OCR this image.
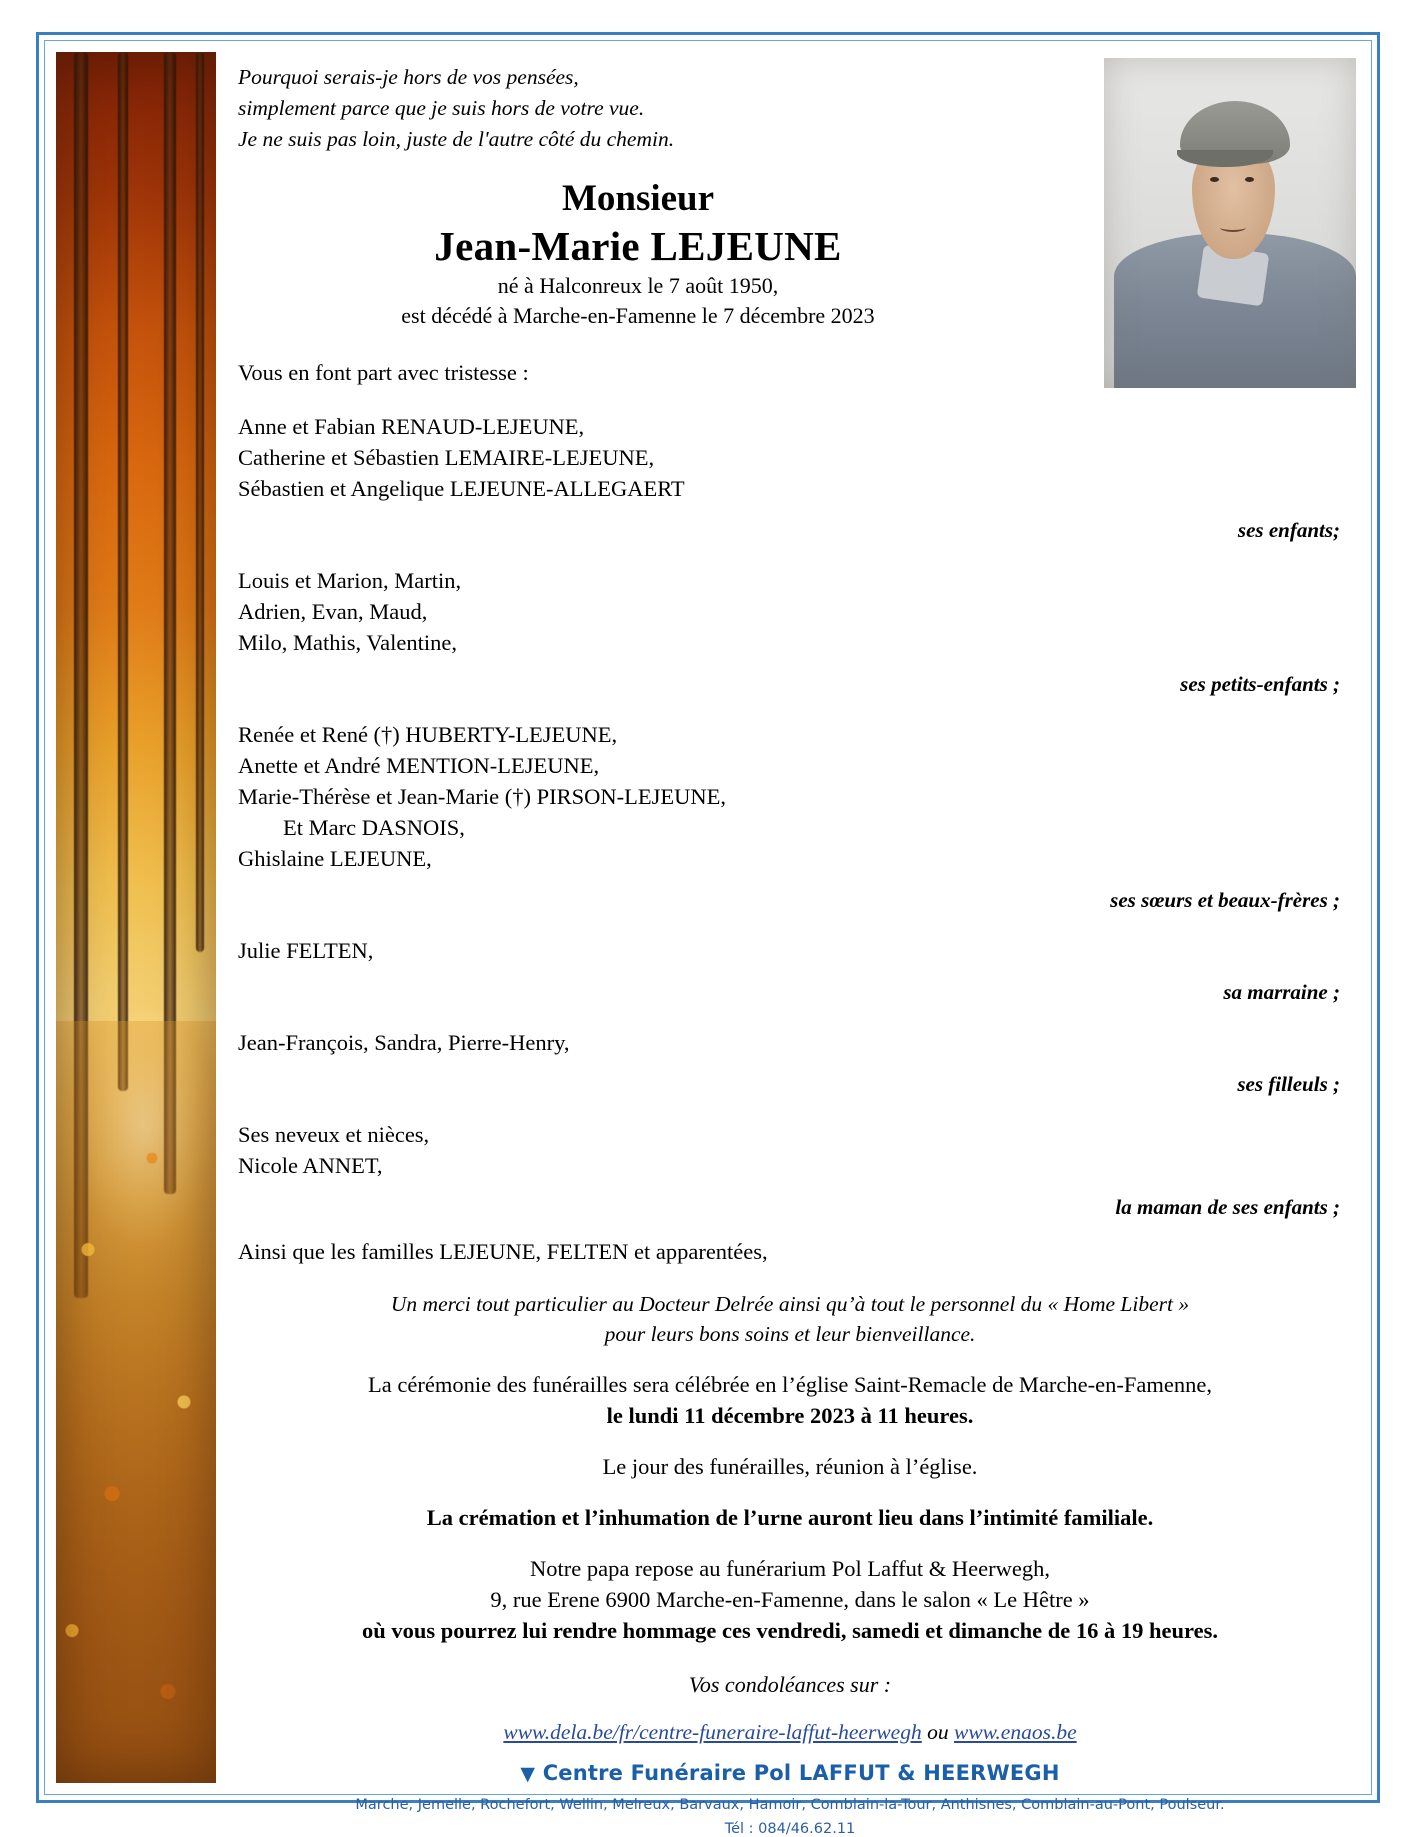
Pourquoi serais-je hors de vos pensées,
simplement parce que je suis hors de votre vue.
Je ne suis pas loin, juste de l'autre côté du chemin.
Monsieur
Jean-Marie LEJEUNE
né à Halconreux le 7 août 1950,
est décédé à Marche-en-Famenne le 7 décembre 2023
Vous en font part avec tristesse :
Anne et Fabian RENAUD-LEJEUNE,
Catherine et Sébastien LEMAIRE-LEJEUNE,
Sébastien et Angelique LEJEUNE-ALLEGAERT
ses enfants;
Louis et Marion, Martin,
Adrien, Evan, Maud,
Milo, Mathis, Valentine,
ses petits-enfants ;
Renée et René (†) HUBERTY-LEJEUNE,
Anette et André MENTION-LEJEUNE,
Marie-Thérèse et Jean-Marie (†) PIRSON-LEJEUNE,
Et Marc DASNOIS,
Ghislaine LEJEUNE,
ses sœurs et beaux-frères ;
Julie FELTEN,
sa marraine ;
Jean-François, Sandra, Pierre-Henry,
ses filleuls ;
Ses neveux et nièces,
Nicole ANNET,
la maman de ses enfants ;
Ainsi que les familles LEJEUNE, FELTEN et apparentées,
Un merci tout particulier au Docteur Delrée ainsi qu’à tout le personnel du « Home Libert »
pour leurs bons soins et leur bienveillance.
La cérémonie des funérailles sera célébrée en l’église Saint-Remacle de Marche-en-Famenne,
le lundi 11 décembre 2023 à 11 heures.
Le jour des funérailles, réunion à l’église.
La crémation et l’inhumation de l’urne auront lieu dans l’intimité familiale.
Notre papa repose au funérarium Pol Laffut & Heerwegh,
9, rue Erene 6900 Marche-en-Famenne, dans le salon « Le Hêtre »
où vous pourrez lui rendre hommage ces vendredi, samedi et dimanche de 16 à 19 heures.
Vos condoléances sur :
www.dela.be/fr/centre-funeraire-laffut-heerwegh ou www.enaos.be
▼ Centre Funéraire Pol LAFFUT & HEERWEGH
Marche, Jemelle, Rochefort, Wellin, Melreux, Barvaux, Hamoir, Comblain-la-Tour, Anthisnes, Comblain-au-Pont, Poulseur.
Tél : 084/46.62.11
